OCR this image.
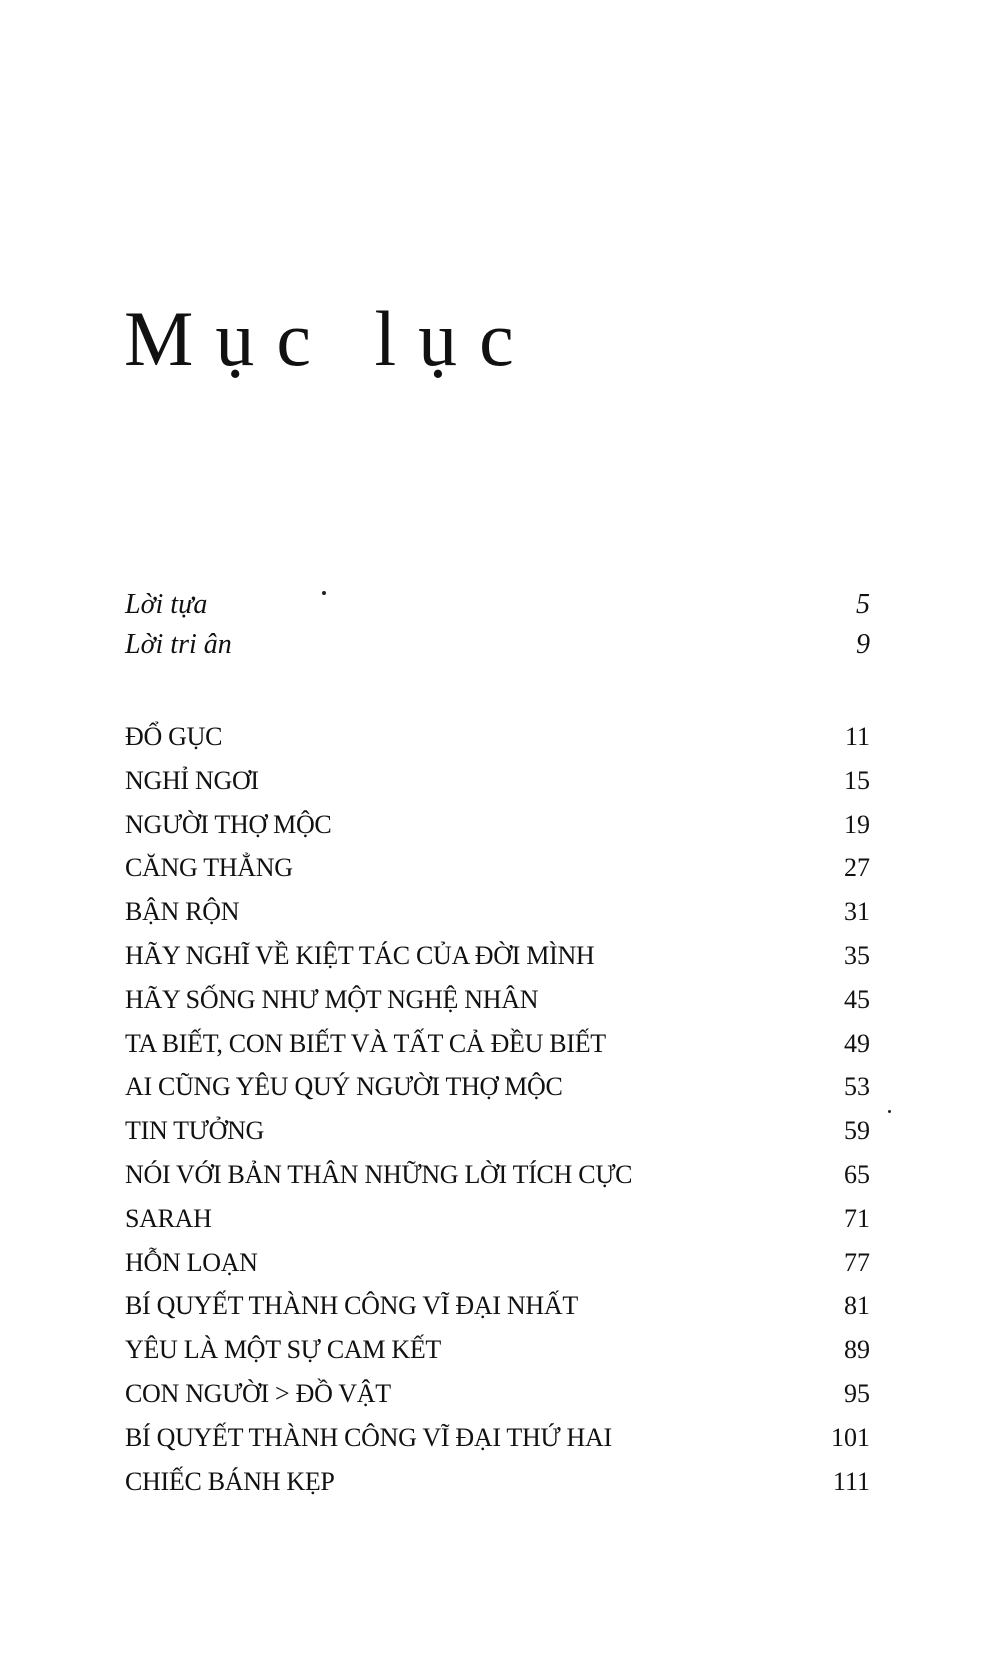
Mục lục
Lời tựa	5
Lời tri ân	9
ĐỔ GỤC	11
NGHỈ NGƠI	15
NGƯỜI THỢ MỘC	19
CĂNG THẲNG	27
BẬN RỘN	31
HÃY NGHĨ VỀ KIỆT TÁC CỦA ĐỜI MÌNH	35
HÃY SỐNG NHƯ MỘT NGHỆ NHÂN	45
TA BIẾT, CON BIẾT VÀ TẤT CẢ ĐỀU BIẾT	49
AI CŨNG YÊU QUÝ NGƯỜI THỢ MỘC	53
TIN TƯỞNG	59
NÓI VỚI BẢN THÂN NHỮNG LỜI TÍCH CỰC	65
SARAH	71
HỖN LOẠN	77
BÍ QUYẾT THÀNH CÔNG VĨ ĐẠI NHẤT	81
YÊU LÀ MỘT SỰ CAM KẾT	89
CON NGƯỜI > ĐỒ VẬT	95
BÍ QUYẾT THÀNH CÔNG VĨ ĐẠI THỨ HAI	101
CHIẾC BÁNH KẸP	111
